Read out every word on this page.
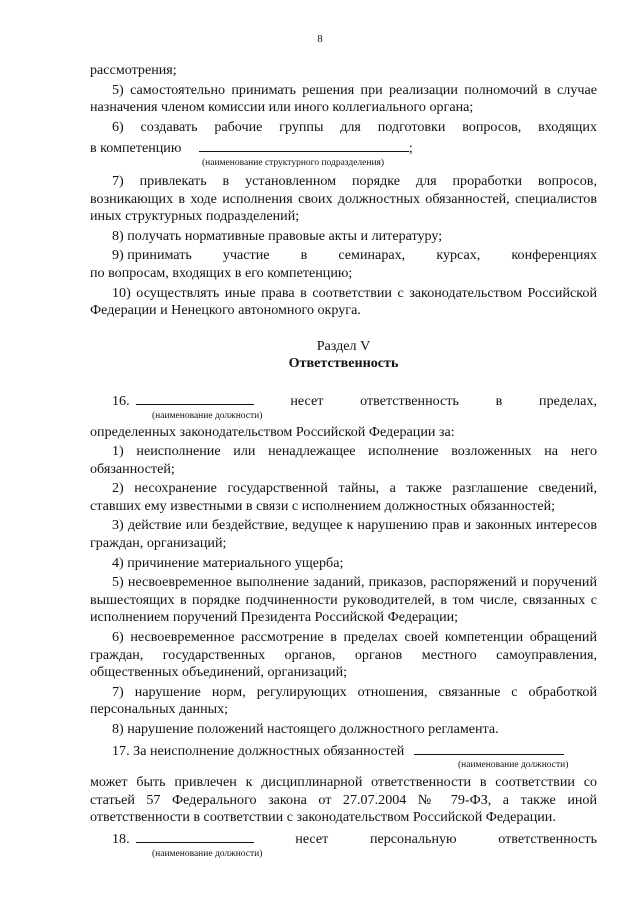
8

рассмотрения;

5) самостоятельно принимать решения при реализации полномочий в случае назначения членом комиссии или иного коллегиального органа;

6) создавать рабочие группы для подготовки вопросов, входящих

в компетенцию	;

(наименование структурного подразделения)

7) привлекать в установленном порядке для проработки вопросов, возникающих в ходе исполнения своих должностных обязанностей, специалистов иных структурных подразделений;

8) получать нормативные правовые акты и литературу;

9) принимать участие в семинарах, курсах, конференциях

по вопросам, входящих в его компетенцию;

10) осуществлять иные права в соответствии с законодательством Российской Федерации и Ненецкого автономного округа.

Раздел V

Ответственность

16.	несет	ответственность	в	пределах,

(наименование должности)

определенных законодательством Российской Федерации за:

1) неисполнение или ненадлежащее исполнение возложенных на него обязанностей;

2) несохранение государственной тайны, а также разглашение сведений, ставших ему известными в связи с исполнением должностных обязанностей;

3) действие или бездействие, ведущее к нарушению прав и законных интересов граждан, организаций;

4) причинение материального ущерба;

5) несвоевременное выполнение заданий, приказов, распоряжений и поручений вышестоящих в порядке подчиненности руководителей, в том числе, связанных с исполнением поручений Президента Российской Федерации;

6) несвоевременное рассмотрение в пределах своей компетенции обращений граждан, государственных органов, органов местного самоуправления, общественных объединений, организаций;

7) нарушение норм, регулирующих отношения, связанные с обработкой персональных данных;

8) нарушение положений настоящего должностного регламента.

17. За неисполнение должностных обязанностей

(наименование должности)

может быть привлечен к дисциплинарной ответственности в соответствии со статьей 57 Федерального закона от 27.07.2004 № 79-ФЗ, а также иной ответственности в соответствии с законодательством Российской Федерации.

18.	несет	персональную	ответственность

(наименование должности)
